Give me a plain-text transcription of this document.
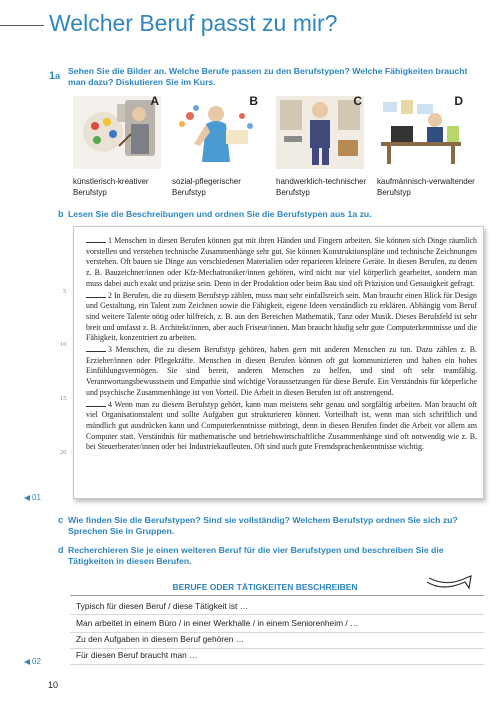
Welcher Beruf passt zu mir?
1a Sehen Sie die Bilder an. Welche Berufe passen zu den Berufstypen? Welche Fähigkeiten braucht man dazu? Diskutieren Sie im Kurs.
A	B	C	D
künstlerisch-kreativer Berufstyp
sozial-pflegerischer Berufstyp
handwerklich-technischer Berufstyp
kaufmännisch-verwaltender Berufstyp
b Lesen Sie die Beschreibungen und ordnen Sie die Berufstypen aus 1a zu.
1 Menschen in diesen Berufen können gut mit ihren Händen und Fingern arbeiten. Sie können sich Dinge räumlich vorstellen und verstehen technische Zusammenhänge sehr gut. Sie können Konstruktionspläne und technische Zeichnungen verstehen. Oft bauen sie Dinge aus verschiedenen Materialien oder reparieren kleinere Geräte. In diesen Berufen, zu denen z. B. Bauzeichner/innen oder Kfz-Mechatroniker/innen gehören, wird nicht nur viel körperlich gearbeitet, sondern man muss dabei auch exakt und präzise sein. Denn in der Produktion oder beim Bau sind oft Präzision und Genauigkeit gefragt.
2 In Berufen, die zu diesem Berufstyp zählen, muss man sehr einfallsreich sein. Man braucht einen Blick für Design und Gestaltung, ein Talent zum Zeichnen sowie die Fähigkeit, eigene Ideen verständlich zu erklären. Abhängig vom Beruf sind weitere Talente nötig oder hilfreich, z. B. aus den Bereichen Mathematik, Tanz oder Musik. Dieses Berufsfeld ist sehr breit und umfasst z. B. Architekt/innen, aber auch Friseur/innen. Man braucht häufig sehr gute Computerkenntnisse und die Fähigkeit, konzentriert zu arbeiten.
3 Menschen, die zu diesem Berufstyp gehören, haben gern mit anderen Menschen zu tun. Dazu zählen z. B. Erzieher/innen oder Pflegekräfte. Menschen in diesen Berufen können oft gut kommunizieren und haben ein hohes Einfühlungsvermögen. Sie sind bereit, anderen Menschen zu helfen, und sind oft sehr teamfähig. Verantwortungsbewusstsein und Empathie sind wichtige Voraussetzungen für diese Berufe. Ein Verständnis für körperliche und psychische Zusammenhänge ist von Vorteil. Die Arbeit in diesen Berufen ist oft anstrengend.
4 Wenn man zu diesem Berufstyp gehört, kann man meistens sehr genau und sorgfältig arbeiten. Man braucht oft viel Organisationstalent und sollte Aufgaben gut strukturieren können. Vorteilhaft ist, wenn man sich schriftlich und mündlich gut ausdrücken kann und Computerkenntnisse mitbringt, denn in diesen Berufen findet die Arbeit vor allem am Computer statt. Verständnis für mathematische und betriebswirtschaftliche Zusammenhänge sind oft notwendig wie z. B. bei Steuerberater/innen oder bei Industriekaufleuten. Oft sind auch gute Fremdsprachenkenntnisse wichtig.
5
10
15
20
01
c Wie finden Sie die Berufstypen? Sind sie vollständig? Welchem Berufstyp ordnen Sie sich zu? Sprechen Sie in Gruppen.
d Recherchieren Sie je einen weiteren Beruf für die vier Berufstypen und beschreiben Sie die Tätigkeiten in diesen Berufen.
BERUFE ODER TÄTIGKEITEN BESCHREIBEN
Typisch für diesen Beruf / diese Tätigkeit ist …
Man arbeitet in einem Büro / in einer Werkhalle / in einem Seniorenheim / …
Zu den Aufgaben in diesem Beruf gehören …
Für diesen Beruf braucht man …
02
10
